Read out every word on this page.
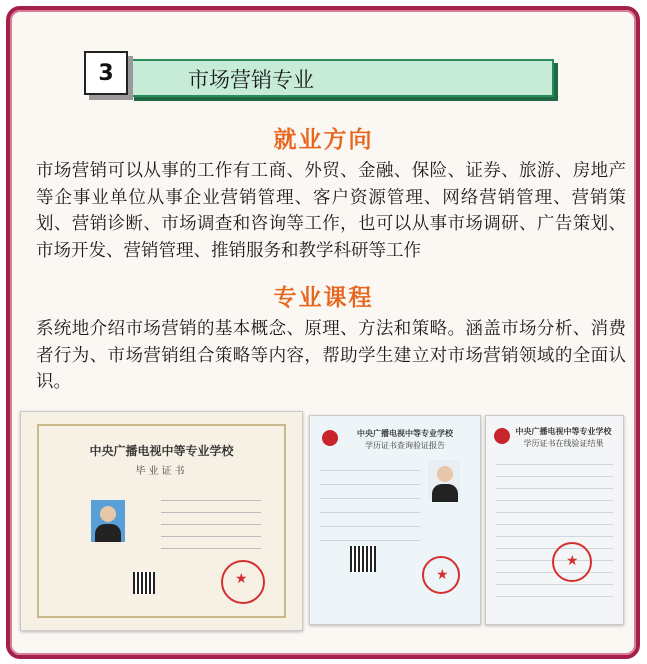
市场营销专业
3
就业方向
市场营销可以从事的工作有工商、外贸、金融、保险、证券、旅游、房地产等企事业单位从事企业营销管理、客户资源管理、网络营销管理、营销策划、营销诊断、市场调查和咨询等工作，也可以从事市场调研、广告策划、市场开发、营销管理、推销服务和教学科研等工作
专业课程
系统地介绍市场营销的基本概念、原理、方法和策略。涵盖市场分析、消费者行为、市场营销组合策略等内容，帮助学生建立对市场营销领域的全面认识。
中央广播电视中等专业学校
毕业证书
★
中央广播电视中等专业学校
学历证书查询验证报告
★
中央广播电视中等专业学校
学历证书在线验证结果
★
